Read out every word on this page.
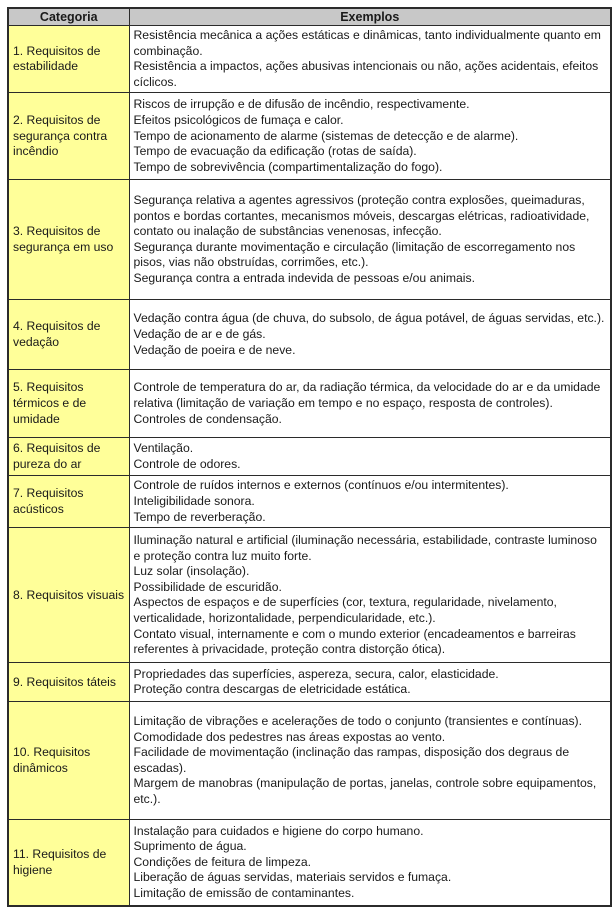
Categoria	Exemplos
1. Requisitos de estabilidade	Resistência mecânica a ações estáticas e dinâmicas, tanto individualmente quanto em combinação.
Resistência a impactos, ações abusivas intencionais ou não, ações acidentais, efeitos cíclicos.

2. Requisitos de segurança contra incêndio	Riscos de irrupção e de difusão de incêndio, respectivamente.
Efeitos psicológicos de fumaça e calor.
Tempo de acionamento de alarme (sistemas de detecção e de alarme).
Tempo de evacuação da edificação (rotas de saída).
Tempo de sobrevivência (compartimentalização do fogo).

3. Requisitos de segurança em uso	Segurança relativa a agentes agressivos (proteção contra explosões, queimaduras, pontos e bordas cortantes, mecanismos móveis, descargas elétricas, radioatividade, contato ou inalação de substâncias venenosas, infecção.
Segurança durante movimentação e circulação (limitação de escorregamento nos pisos, vias não obstruídas, corrimões, etc.).
Segurança contra a entrada indevida de pessoas e/ou animais.

4. Requisitos de vedação	Vedação contra água (de chuva, do subsolo, de água potável, de águas servidas, etc.).
Vedação de ar e de gás.
Vedação de poeira e de neve.

5. Requisitos térmicos e de umidade	Controle de temperatura do ar, da radiação térmica, da velocidade do ar e da umidade relativa (limitação de variação em tempo e no espaço, resposta de controles).
Controles de condensação.

6. Requisitos de pureza do ar	Ventilação.
Controle de odores.

7. Requisitos acústicos	Controle de ruídos internos e externos (contínuos e/ou intermitentes).
Inteligibilidade sonora.
Tempo de reverberação.

8. Requisitos visuais	Iluminação natural e artificial (iluminação necessária, estabilidade, contraste luminoso e proteção contra luz muito forte.
Luz solar (insolação).
Possibilidade de escuridão.
Aspectos de espaços e de superfícies (cor, textura, regularidade, nivelamento, verticalidade, horizontalidade, perpendicularidade, etc.).
Contato visual, internamente e com o mundo exterior (encadeamentos e barreiras referentes à privacidade, proteção contra distorção ótica).

9. Requisitos táteis	Propriedades das superfícies, aspereza, secura, calor, elasticidade.
Proteção contra descargas de eletricidade estática.

10. Requisitos dinâmicos	Limitação de vibrações e acelerações de todo o conjunto (transientes e contínuas).
Comodidade dos pedestres nas áreas expostas ao vento.
Facilidade de movimentação (inclinação das rampas, disposição dos degraus de escadas).
Margem de manobras (manipulação de portas, janelas, controle sobre equipamentos, etc.).

11. Requisitos de higiene	Instalação para cuidados e higiene do corpo humano.
Suprimento de água.
Condições de feitura de limpeza.
Liberação de águas servidas, materiais servidos e fumaça.
Limitação de emissão de contaminantes.
